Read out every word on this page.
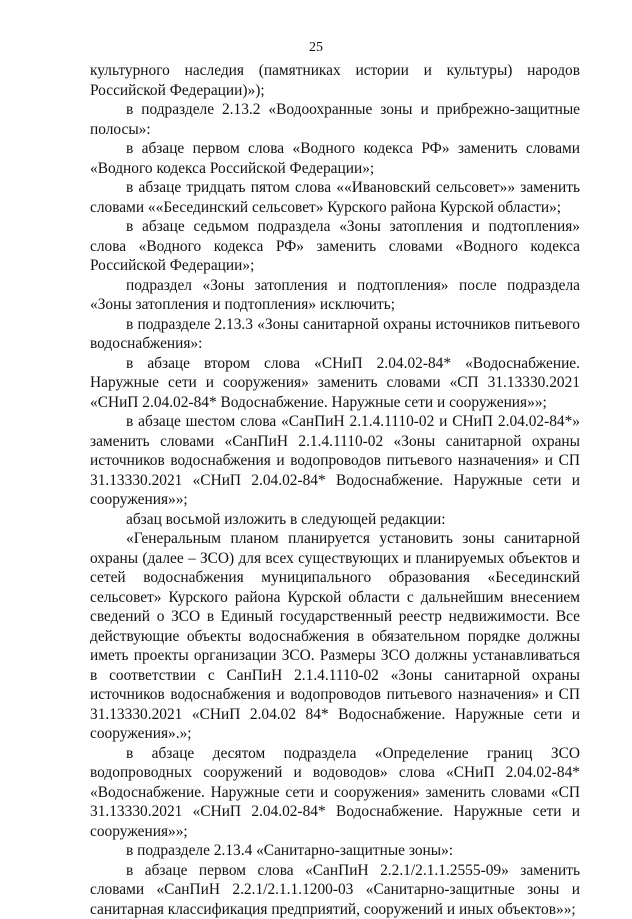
25

культурного наследия (памятниках истории и культуры) народов Российской Федерации)»);

в подразделе 2.13.2 «Водоохранные зоны и прибрежно-защитные полосы»:

в абзаце первом слова «Водного кодекса РФ» заменить словами «Водного кодекса Российской Федерации»;

в абзаце тридцать пятом слова ««Ивановский сельсовет»» заменить словами ««Бесединский сельсовет» Курского района Курской области»;

в абзаце седьмом подраздела «Зоны затопления и подтопления» слова «Водного кодекса РФ» заменить словами «Водного кодекса Российской Федерации»;

подраздел «Зоны затопления и подтопления» после подраздела «Зоны затопления и подтопления» исключить;

в подразделе 2.13.3 «Зоны санитарной охраны источников питьевого водоснабжения»:

в абзаце втором слова «СНиП 2.04.02-84* «Водоснабжение. Наружные сети и сооружения» заменить словами «СП 31.13330.2021 «СНиП 2.04.02-84* Водоснабжение. Наружные сети и сооружения»»;

в абзаце шестом слова «СанПиН 2.1.4.1110-02 и СНиП 2.04.02-84*» заменить словами «СанПиН 2.1.4.1110-02 «Зоны санитарной охраны источников водоснабжения и водопроводов питьевого назначения» и СП 31.13330.2021 «СНиП 2.04.02-84* Водоснабжение. Наружные сети и сооружения»»;

абзац восьмой изложить в следующей редакции:

«Генеральным планом планируется установить зоны санитарной охраны (далее – ЗСО) для всех существующих и планируемых объектов и сетей водоснабжения муниципального образования «Бесединский сельсовет» Курского района Курской области с дальнейшим внесением сведений о ЗСО в Единый государственный реестр недвижимости. Все действующие объекты водоснабжения в обязательном порядке должны иметь проекты организации ЗСО. Размеры ЗСО должны устанавливаться в соответствии с СанПиН 2.1.4.1110-02 «Зоны санитарной охраны источников водоснабжения и водопроводов питьевого назначения» и СП 31.13330.2021 «СНиП 2.04.02 84* Водоснабжение. Наружные сети и сооружения».»;

в абзаце десятом подраздела «Определение границ ЗСО водопроводных сооружений и водоводов» слова «СНиП 2.04.02-84* «Водоснабжение. Наружные сети и сооружения» заменить словами «СП 31.13330.2021 «СНиП 2.04.02-84* Водоснабжение. Наружные сети и сооружения»»;

в подразделе 2.13.4 «Санитарно-защитные зоны»:

в абзаце первом слова «СанПиН 2.2.1/2.1.1.2555-09» заменить словами «СанПиН 2.2.1/2.1.1.1200-03 «Санитарно-защитные зоны и санитарная классификация предприятий, сооружений и иных объектов»»;
